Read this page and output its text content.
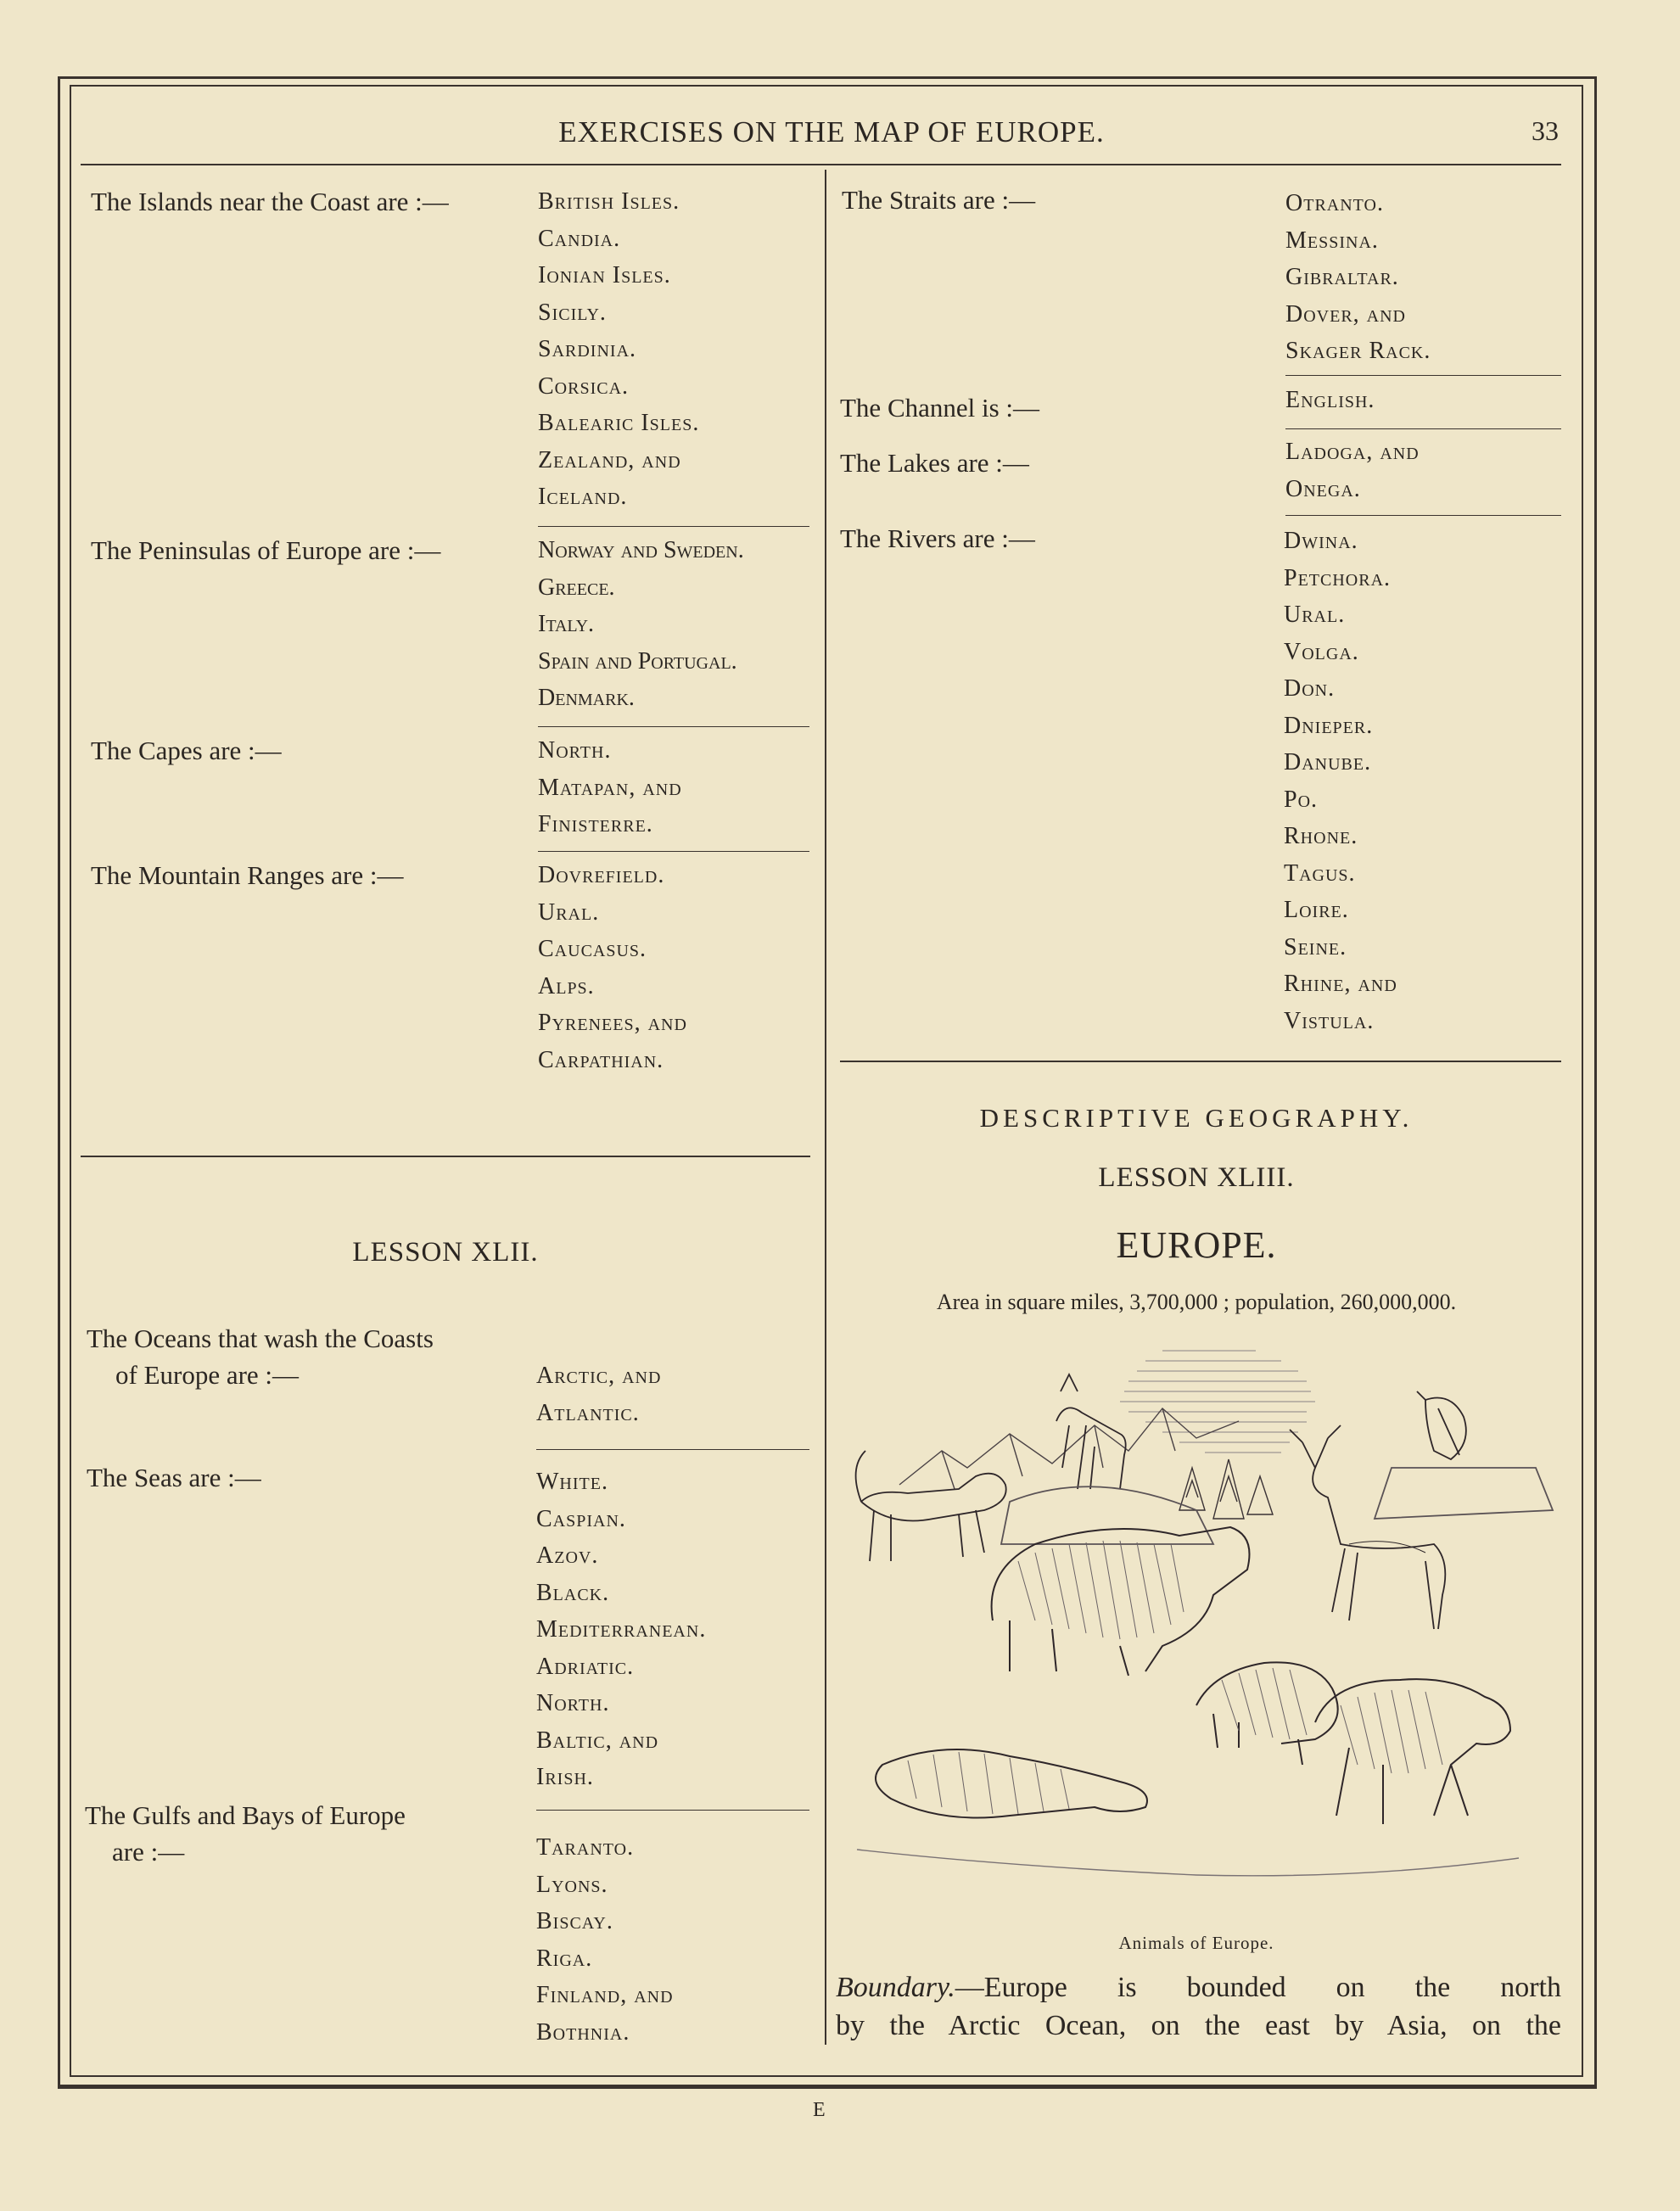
EXERCISES ON THE MAP OF EUROPE.	33
The Islands near the Coast are :—	British Isles.
Candia.
Ionian Isles.
Sicily.
Sardinia.
Corsica.
Balearic Isles.
Zealand, and
Iceland.
The Peninsulas of Europe are :—	Norway and Sweden.
Greece.
Italy.
Spain and Portugal.
Denmark.
The Capes are :—	North.
Matapan, and
Finisterre.
The Mountain Ranges are :—	Dovrefield.
Ural.
Caucasus.
Alps.
Pyrenees, and
Carpathian.
LESSON XLII.
The Oceans that wash the Coasts
of Europe are :—	Arctic, and
Atlantic.
The Seas are :—	White.
Caspian.
Azov.
Black.
Mediterranean.
Adriatic.
North.
Baltic, and
Irish.
The Gulfs and Bays of Europe
are :—	Taranto.
Lyons.
Biscay.
Riga.
Finland, and
Bothnia.
The Straits are :—	Otranto.
Messina.
Gibraltar.
Dover, and
Skager Rack.
The Channel is :—	English.
The Lakes are :—	Ladoga, and
Onega.
The Rivers are :—	Dwina.
Petchora.
Ural.
Volga.
Don.
Dnieper.
Danube.
Po.
Rhone.
Tagus.
Loire.
Seine.
Rhine, and
Vistula.
DESCRIPTIVE GEOGRAPHY.
LESSON XLIII.
EUROPE.
Area in square miles, 3,700,000 ; population, 260,000,000.
Animals of Europe.
Boundary.—Europe is bounded on the north
by the Arctic Ocean, on the east by Asia, on the
E
